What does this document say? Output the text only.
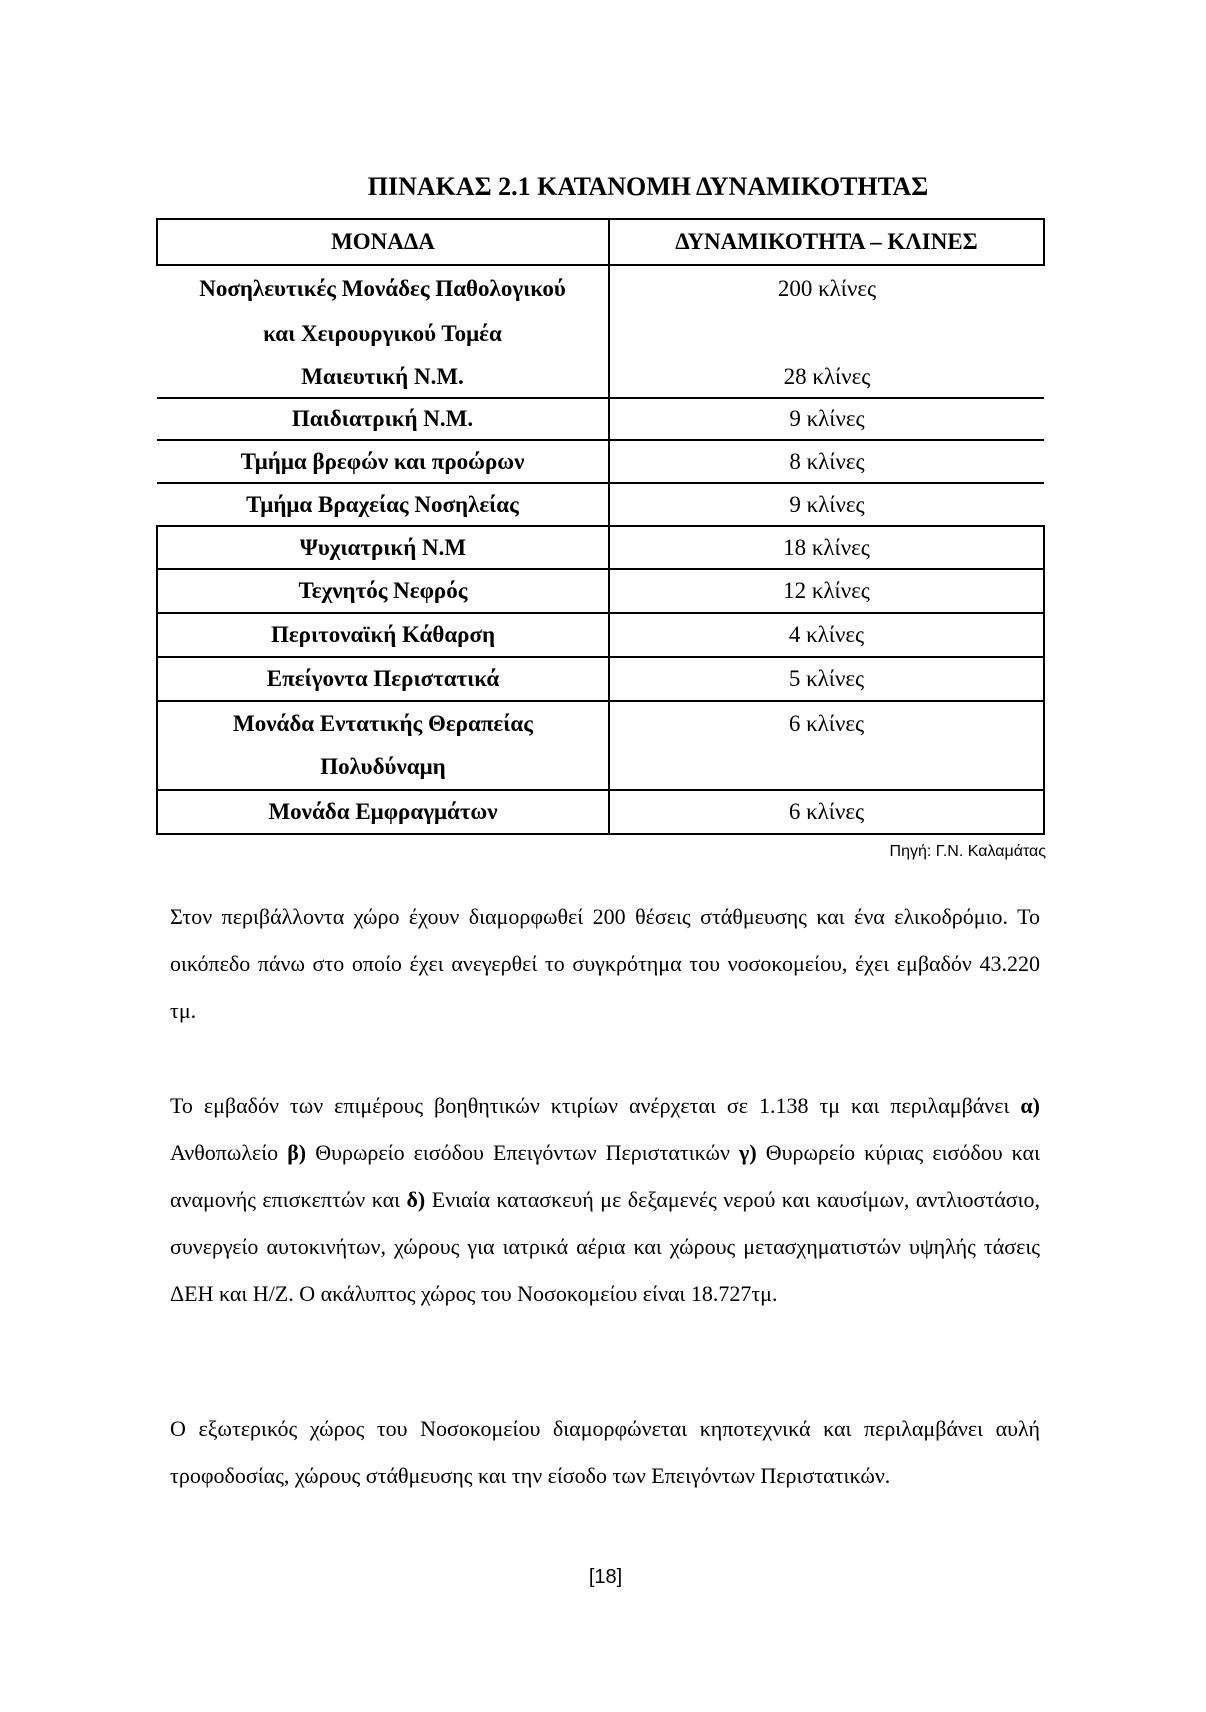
ΠΙΝΑΚΑΣ 2.1 ΚΑΤΑΝΟΜΗ ΔΥΝΑΜΙΚΟΤΗΤΑΣ
ΜΟΝΑΔΑ	ΔΥΝΑΜΙΚΟΤΗΤΑ – ΚΛΙΝΕΣ
Νοσηλευτικές Μονάδες Παθολογικού	200 κλίνες
και Χειρουργικού Τομέα	
Μαιευτική Ν.Μ.	28 κλίνες
Παιδιατρική Ν.Μ.	9 κλίνες
Τμήμα βρεφών και προώρων	8 κλίνες
Τμήμα Βραχείας Νοσηλείας	9 κλίνες
Ψυχιατρική Ν.Μ	18 κλίνες
Τεχνητός Νεφρός	12 κλίνες
Περιτοναϊκή Κάθαρση	4 κλίνες
Επείγοντα Περιστατικά	5 κλίνες
Μονάδα Εντατικής Θεραπείας	6 κλίνες
Πολυδύναμη	
Μονάδα Εμφραγμάτων	6 κλίνες
Πηγή: Γ.Ν. Καλαμάτας

Στον περιβάλλοντα χώρο έχουν διαμορφωθεί 200 θέσεις στάθμευσης και ένα ελικοδρόμιο. Το οικόπεδο πάνω στο οποίο έχει ανεγερθεί το συγκρότημα του νοσοκομείου, έχει εμβαδόν 43.220 τμ.

Το εμβαδόν των επιμέρους βοηθητικών κτιρίων ανέρχεται σε 1.138 τμ και περιλαμβάνει α) Ανθοπωλείο β) Θυρωρείο εισόδου Επειγόντων Περιστατικών γ) Θυρωρείο κύριας εισόδου και αναμονής επισκεπτών και δ) Ενιαία κατασκευή με δεξαμενές νερού και καυσίμων, αντλιοστάσιο, συνεργείο αυτοκινήτων, χώρους για ιατρικά αέρια και χώρους μετασχηματιστών υψηλής τάσεις ΔΕΗ και Η/Ζ. Ο ακάλυπτος χώρος του Νοσοκομείου είναι 18.727τμ.

Ο εξωτερικός χώρος του Νοσοκομείου διαμορφώνεται κηποτεχνικά και περιλαμβάνει αυλή τροφοδοσίας, χώρους στάθμευσης και την είσοδο των Επειγόντων Περιστατικών.

[18]
